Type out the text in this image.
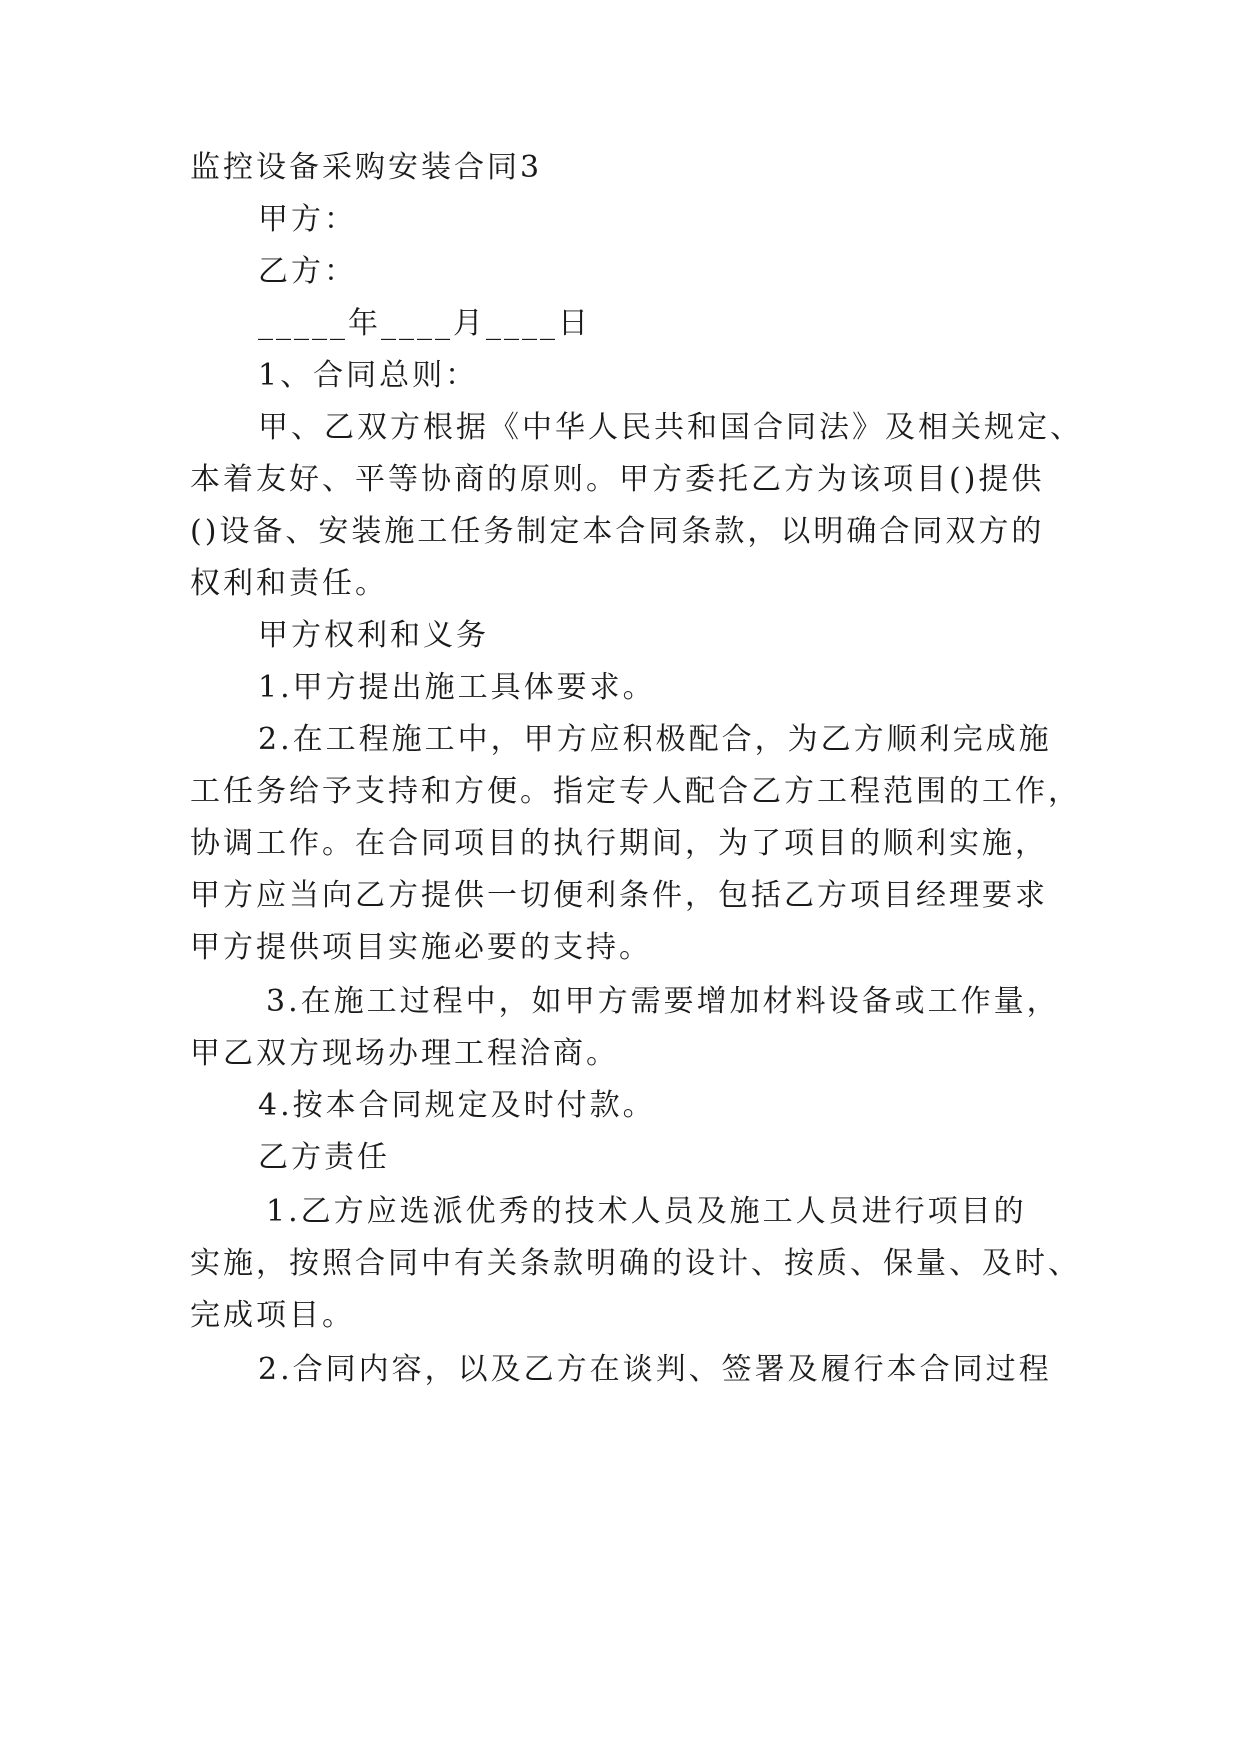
监控设备采购安装合同3
甲方：
乙方：
_____年____月____日
1、合同总则：
甲、乙双方根据《中华人民共和国合同法》及相关规定、
本着友好、平等协商的原则。甲方委托乙方为该项目()提供
()设备、安装施工任务制定本合同条款，以明确合同双方的
权利和责任。
甲方权利和义务
1.甲方提出施工具体要求。
2.在工程施工中，甲方应积极配合，为乙方顺利完成施
工任务给予支持和方便。指定专人配合乙方工程范围的工作，
协调工作。在合同项目的执行期间，为了项目的顺利实施，
甲方应当向乙方提供一切便利条件，包括乙方项目经理要求
甲方提供项目实施必要的支持。
3.在施工过程中，如甲方需要增加材料设备或工作量，
甲乙双方现场办理工程洽商。
4.按本合同规定及时付款。
乙方责任
1.乙方应选派优秀的技术人员及施工人员进行项目的
实施，按照合同中有关条款明确的设计、按质、保量、及时、
完成项目。
2.合同内容，以及乙方在谈判、签署及履行本合同过程
